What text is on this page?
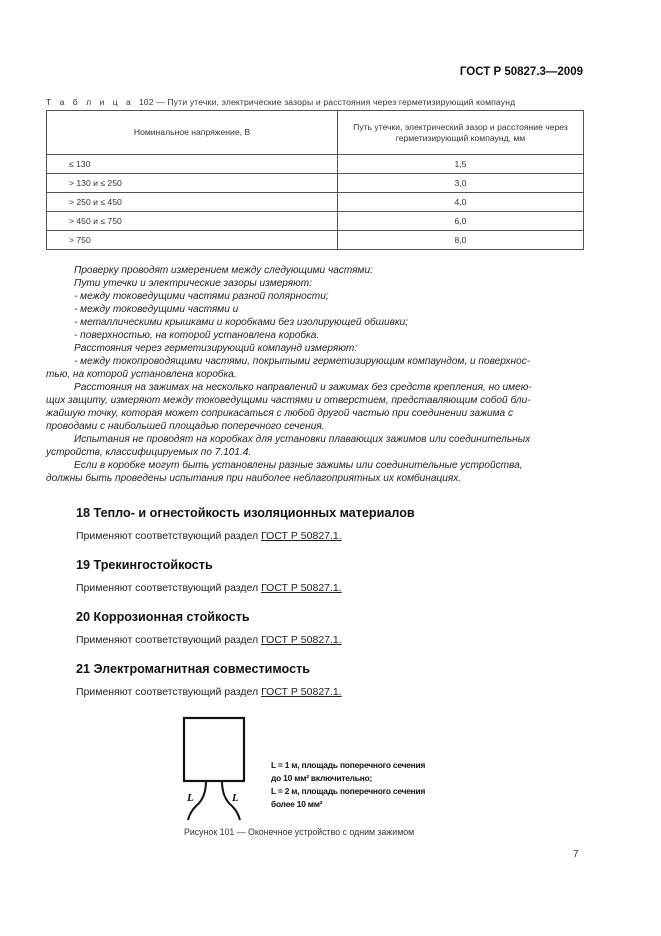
ГОСТ Р 50827.3—2009
Т а б л и ц а 102 — Пути утечки, электрические зазоры и расстояния через герметизирующий компаунд
Номинальное напряжение, В	Путь утечки, электрический зазор и расстояние через
герметизирующий компаунд, мм
≤ 130	1,5
> 130 и ≤ 250	3,0
> 250 и ≤ 450	4,0
> 450 и ≤ 750	6,0
> 750	8,0
Проверку проводят измерением между следующими частями:
Пути утечки и электрические зазоры измеряют:
- между токоведущими частями разной полярности;
- между токоведущими частями и
- металлическими крышками и коробками без изолирующей обшивки;
- поверхностью, на которой установлена коробка.
Расстояния через герметизирующий компаунд измеряют:
- между токопроводящими частями, покрытыми герметизирующим компаундом, и поверхнос-
тью, на которой установлена коробка.
Расстояния на зажимах на несколько направлений и зажимах без средств крепления, но имею-
щих защиту, измеряют между токоведущими частями и отверстием, представляющим собой бли-
жайшую точку, которая может соприкасаться с любой другой частью при соединении зажима с
проводами с наибольшей площадью поперечного сечения.
Испытания не проводят на коробках для установки плавающих зажимов или соединительных
устройств, классифицируемых по 7.101.4.
Если в коробке могут быть установлены разные зажимы или соединительные устройства,
должны быть проведены испытания при наиболее неблагоприятных их комбинациях.
18 Тепло- и огнестойкость изоляционных материалов
Применяют соответствующий раздел ГОСТ Р 50827.1.
19 Трекингостойкость
Применяют соответствующий раздел ГОСТ Р 50827.1.
20 Коррозионная стойкость
Применяют соответствующий раздел ГОСТ Р 50827.1.
21 Электромагнитная совместимость
Применяют соответствующий раздел ГОСТ Р 50827.1.
L	L
L = 1 м, площадь поперечного сечения
до 10 мм² включительно;
L = 2 м, площадь поперечного сечения
более 10 мм²
Рисунок 101 — Оконечное устройство с одним зажимом
7
